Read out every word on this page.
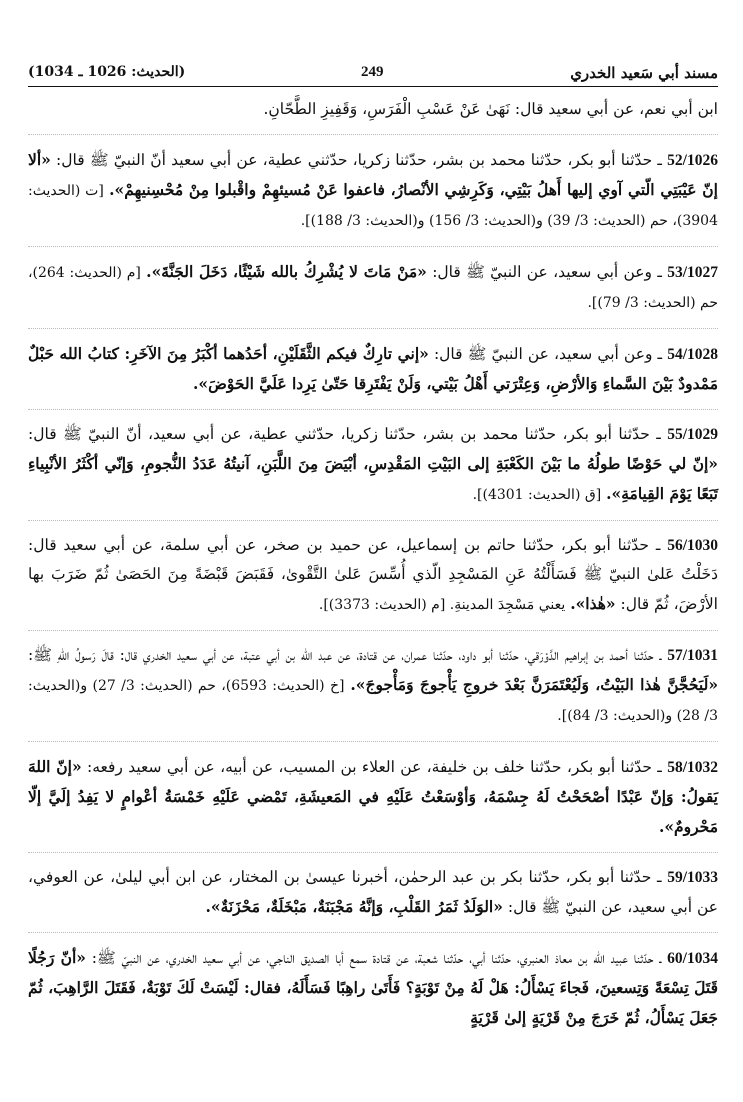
مسند أبي سَعيد الخدري
249
(الحديث: 1026 ـ 1034)

ابن أبي نعم، عن أبي سعيد قال: نَهَىٰ عَنْ عَسْبِ الْفَرَسِ، وَقَفِيزِ الطَّحّانِ.

52/1026 ـ حدّثنا أبو بكر، حدّثنا محمد بن بشر، حدّثنا زكريا، حدّثني عطية، عن أبي سعيد أنّ النبيّ ﷺ قال: «ألا إنّ عَيْبَتِي الّتي آوي إليها أَهلُ بَيْتِي، وَكَرِشِي الأنْصارُ، فاعفوا عَنْ مُسيئهِمْ واقْبلوا مِنْ مُحْسِنيهِمْ». [ت (الحديث: 3904)، حم (الحديث: 3/ 39) و(الحديث: 3/ 156) و(الحديث: 3/ 188)].

53/1027 ـ وعن أبي سعيد، عن النبيّ ﷺ قال: «مَنْ مَاتَ لا يُشْرِكُ بالله شَيْئًا، دَخَلَ الجَنَّةَ». [م (الحديث: 264)، حم (الحديث: 3/ 79)].

54/1028 ـ وعن أبي سعيد، عن النبيّ ﷺ قال: «إني تارِكٌ فيكم الثَّقَلَيْنِ، أحَدُهما أكْبَرُ مِنَ الآخَرِ: كتابُ الله حَبْلٌ مَمْدودٌ بَيْنَ السَّماءِ وَالأرْضِ، وَعِتْرَتي أَهْلُ بَيْتي، وَلَنْ يَفْتَرِقا حَتّىٰ يَرِدا عَلَيَّ الحَوْضَ».

55/1029 ـ حدّثنا أبو بكر، حدّثنا محمد بن بشر، حدّثنا زكريا، حدّثني عطية، عن أبي سعيد، أنّ النبيّ ﷺ قال: «إنّ لي حَوْضًا طولُهُ ما بَيْنَ الكَعْبَةِ إلى البَيْتِ المَقْدِسِ، أبْيَضَ مِنَ اللَّبَنِ، آنيتُهُ عَدَدُ النُّجومِ، وَإنّي أكْثَرُ الأنْبِياءِ تَبَعًا يَوْمَ القِيامَةِ». [ق (الحديث: 4301)].

56/1030 ـ حدّثنا أبو بكر، حدّثنا حاتم بن إسماعيل، عن حميد بن صخر، عن أبي سلمة، عن أبي سعيد قال: دَخَلْتُ عَلىٰ النبيّ ﷺ فَسَأَلْتُهُ عَنِ المَسْجِدِ الّذي أُسِّسَ عَلىٰ التَّقْوىٰ، فَقَبَضَ قَبْضَةً مِنَ الحَصَىٰ ثُمّ ضَرَبَ بها الأرْضَ، ثُمّ قال: «هٰذا». يعني مَسْجِدَ المدينةِ. [م (الحديث: 3373)].

57/1031 ـ حدّثنا أحمد بن إبراهيم الدَّوْرَقي، حدّثنا أبو داود، حدّثنا عمران، عن قتادة، عن عبد الله بن أبي عتبة، عن أبي سعيد الخدري قال: قالَ رَسولُ اللهِ ﷺ: «لَيَحُجَّنَّ هٰذا البَيْتُ، وَلَيُعْتَمَرَنَّ بَعْدَ خروجِ يَأْجوجَ وَمَأْجوجَ». [خ (الحديث: 6593)، حم (الحديث: 3/ 27) و(الحديث: 3/ 28) و(الحديث: 3/ 84)].

58/1032 ـ حدّثنا أبو بكر، حدّثنا خلف بن خليفة، عن العلاء بن المسيب، عن أبيه، عن أبي سعيد رفعه: «إنّ اللهَ يَقولُ: وَإنّ عَبْدًا أصْحَحْتُ لَهُ جِسْمَهُ، وَأوْسَعْتُ عَلَيْهِ في المَعيشَةِ، تَمْضي عَلَيْهِ خَمْسَةُ أعْوامٍ لا يَفِدُ إلَيَّ إلّا مَحْرومٌ».

59/1033 ـ حدّثنا أبو بكر، حدّثنا بكر بن عبد الرحمٰن، أخبرنا عيسىٰ بن المختار، عن ابن أبي ليلىٰ، عن العوفي، عن أبي سعيد، عن النبيّ ﷺ قال: «الوَلَدُ ثَمَرُ القَلْبِ، وَإنَّهُ مَجْبَنَةٌ، مَبْخَلَةٌ، مَحْزَنَةٌ».

60/1034 ـ حدّثنا عبيد الله بن معاذ العنبري، حدّثنا أبي، حدّثنا شعبة، عن قتادة سمع أبا الصديق الناجي، عن أبي سعيد الخدري، عن النبيّ ﷺ: «أنّ رَجُلًا قَتَلَ تِسْعَةً وَتِسعينَ، فَجاءَ يَسْأَلُ: هَلْ لَهُ مِنْ تَوْبَةٍ؟ فَأَتَىٰ راهِبًا فَسَأَلَهُ، فقال: لَيْسَتْ لَكَ تَوْبَةٌ، فَقَتَلَ الرَّاهِبَ، ثُمّ جَعَلَ يَسْأَلُ، ثُمّ خَرَجَ مِنْ قَرْيَةٍ إلىٰ قَرْيَةٍ
